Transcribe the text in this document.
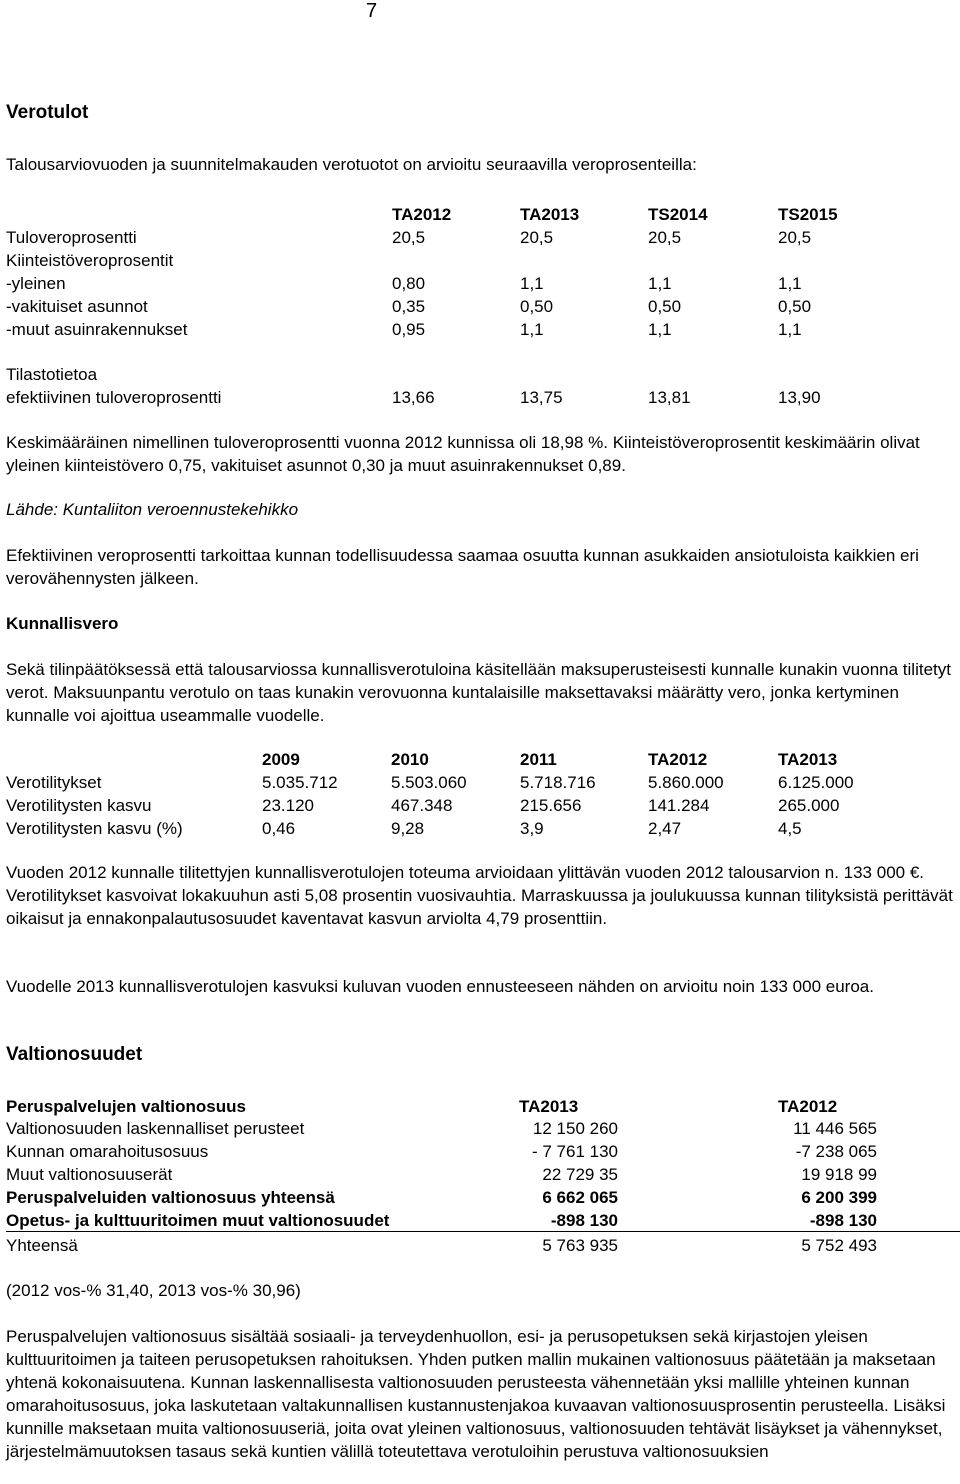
7
Verotulot
Talousarviovuoden ja suunnitelmakauden verotuotot on arvioitu seuraavilla veroprosenteilla:
TA2012	TA2013	TS2014	TS2015
Tuloveroprosentti	20,5	20,5	20,5	20,5
Kiinteistöveroprosentit
-yleinen	0,80	1,1	1,1	1,1
-vakituiset asunnot	0,35	0,50	0,50	0,50
-muut asuinrakennukset	0,95	1,1	1,1	1,1
Tilastotietoa
efektiivinen tuloveroprosentti	13,66	13,75	13,81	13,90

Keskimääräinen nimellinen tuloveroprosentti vuonna 2012 kunnissa oli 18,98 %. Kiinteistöveroprosentit keskimäärin olivat yleinen kiinteistövero 0,75, vakituiset asunnot 0,30 ja muut asuinrakennukset 0,89.

Lähde: Kuntaliiton veroennustekehikko

Efektiivinen veroprosentti tarkoittaa kunnan todellisuudessa saamaa osuutta kunnan asukkaiden ansiotuloista kaikkien eri verovähennysten jälkeen.

Kunnallisvero

Sekä tilinpäätöksessä että talousarviossa kunnallisverotuloina käsitellään maksuperusteisesti kunnalle kunakin vuonna tilitetyt verot. Maksuunpantu verotulo on taas kunakin verovuonna kuntalaisille maksettavaksi määrätty vero, jonka kertyminen kunnalle voi ajoittua useammalle vuodelle.

2009	2010	2011	TA2012	TA2013
Verotilitykset	5.035.712	5.503.060	5.718.716	5.860.000	6.125.000
Verotilitysten kasvu	23.120	467.348	215.656	141.284	265.000
Verotilitysten kasvu (%)	0,46	9,28	3,9	2,47	4,5

Vuoden 2012 kunnalle tilitettyjen kunnallisverotulojen toteuma arvioidaan ylittävän vuoden 2012 talousarvion n. 133 000 €. Verotilitykset kasvoivat lokakuuhun asti 5,08 prosentin vuosivauhtia. Marraskuussa ja joulukuussa kunnan tilityksistä perittävät oikaisut ja ennakonpalautusosuudet kaventavat kasvun arviolta 4,79 prosenttiin.

Vuodelle 2013 kunnallisverotulojen kasvuksi kuluvan vuoden ennusteeseen nähden on arvioitu noin 133 000 euroa.

Valtionosuudet
Peruspalvelujen valtionosuus	TA2013	TA2012
Valtionosuuden laskennalliset perusteet	12 150 260	11 446 565
Kunnan omarahoitusosuus	- 7 761 130	-7 238 065
Muut valtionosuuserät	22 729 35	19 918 99
Peruspalveluiden valtionosuus yhteensä	6 662 065	6 200 399
Opetus- ja kulttuuritoimen muut valtionosuudet	-898 130	-898 130
Yhteensä	5 763 935	5 752 493
(2012 vos-% 31,40, 2013 vos-% 30,96)

Peruspalvelujen valtionosuus sisältää sosiaali- ja terveydenhuollon, esi- ja perusopetuksen sekä kirjastojen yleisen kulttuuritoimen ja taiteen perusopetuksen rahoituksen. Yhden putken mallin mukainen valtionosuus päätetään ja maksetaan yhtenä kokonaisuutena. Kunnan laskennallisesta valtionosuuden perusteesta vähennetään yksi mallille yhteinen kunnan omarahoitusosuus, joka laskutetaan valtakunnallisen kustannustenjakoa kuvaavan valtionosuusprosentin perusteella. Lisäksi kunnille maksetaan muita valtionosuuseriä, joita ovat yleinen valtionosuus, valtionosuuden tehtävät lisäykset ja vähennykset, järjestelmämuutoksen tasaus sekä kuntien välillä toteutettava verotuloihin perustuva valtionosuuksien
